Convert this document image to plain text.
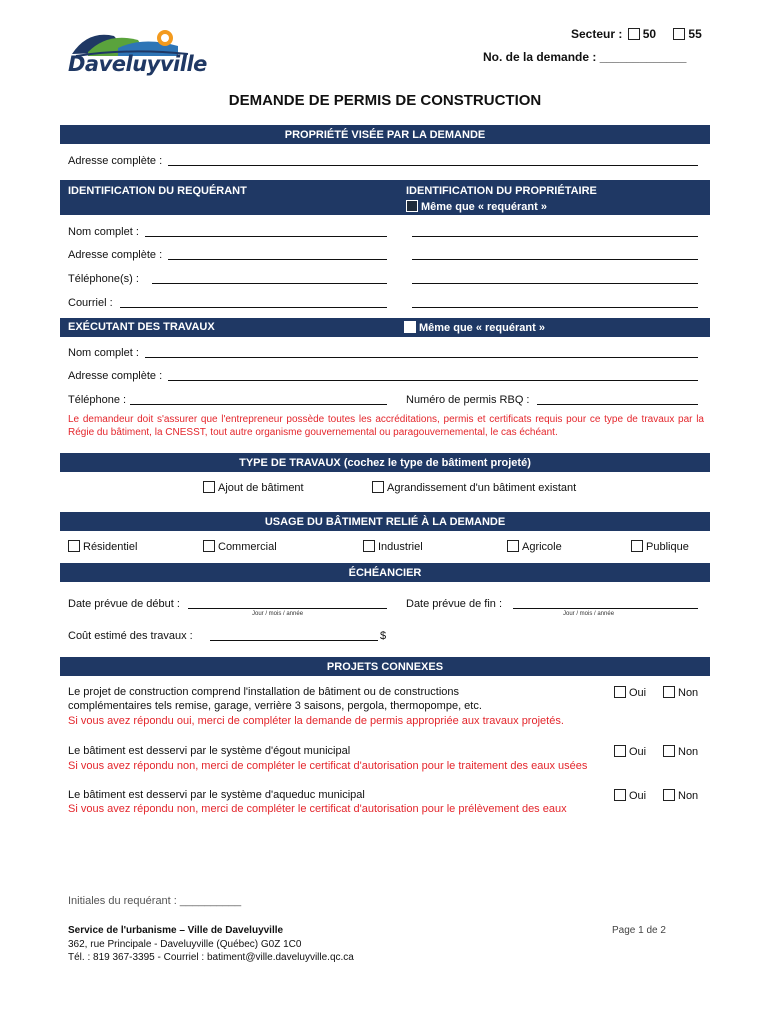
Daveluyville
Secteur : 50	55
No. de la demande : _____________
DEMANDE DE PERMIS DE CONSTRUCTION
PROPRIÉTÉ VISÉE PAR LA DEMANDE
Adresse complète :
IDENTIFICATION DU REQUÉRANT	IDENTIFICATION DU PROPRIÉTAIRE
Même que « requérant »
Nom complet :
Adresse complète :
Téléphone(s) :
Courriel :
EXÉCUTANT DES TRAVAUX	Même que « requérant »
Nom complet :
Adresse complète :
Téléphone :	Numéro de permis RBQ :
Le demandeur doit s'assurer que l'entrepreneur possède toutes les accréditations, permis et certificats requis pour ce type de travaux par la Régie du bâtiment, la CNESST, tout autre organisme gouvernemental ou paragouvernemental, le cas échéant.
TYPE DE TRAVAUX (cochez le type de bâtiment projeté)
Ajout de bâtiment	Agrandissement d'un bâtiment existant
USAGE DU BÂTIMENT RELIÉ À LA DEMANDE
Résidentiel	Commercial	Industriel	Agricole	Publique
ÉCHÉANCIER
Date prévue de début :
Jour / mois / année
Date prévue de fin :
Jour / mois / année
Coût estimé des travaux :	$
PROJETS CONNEXES
Le projet de construction comprend l'installation de bâtiment ou de constructions
complémentaires tels remise, garage, verrière 3 saisons, pergola, thermopompe, etc.
Si vous avez répondu oui, merci de compléter la demande de permis appropriée aux travaux projetés.
Oui	Non
Le bâtiment est desservi par le système d'égout municipal
Si vous avez répondu non, merci de compléter le certificat d'autorisation pour le traitement des eaux usées
Oui	Non
Le bâtiment est desservi par le système d'aqueduc municipal
Si vous avez répondu non, merci de compléter le certificat d'autorisation pour le prélèvement des eaux
Oui	Non
Initiales du requérant : __________
Service de l'urbanisme – Ville de Daveluyville
362, rue Principale - Daveluyville (Québec) G0Z 1C0
Tél. : 819 367-3395 - Courriel : batiment@ville.daveluyville.qc.ca
Page 1 de 2
